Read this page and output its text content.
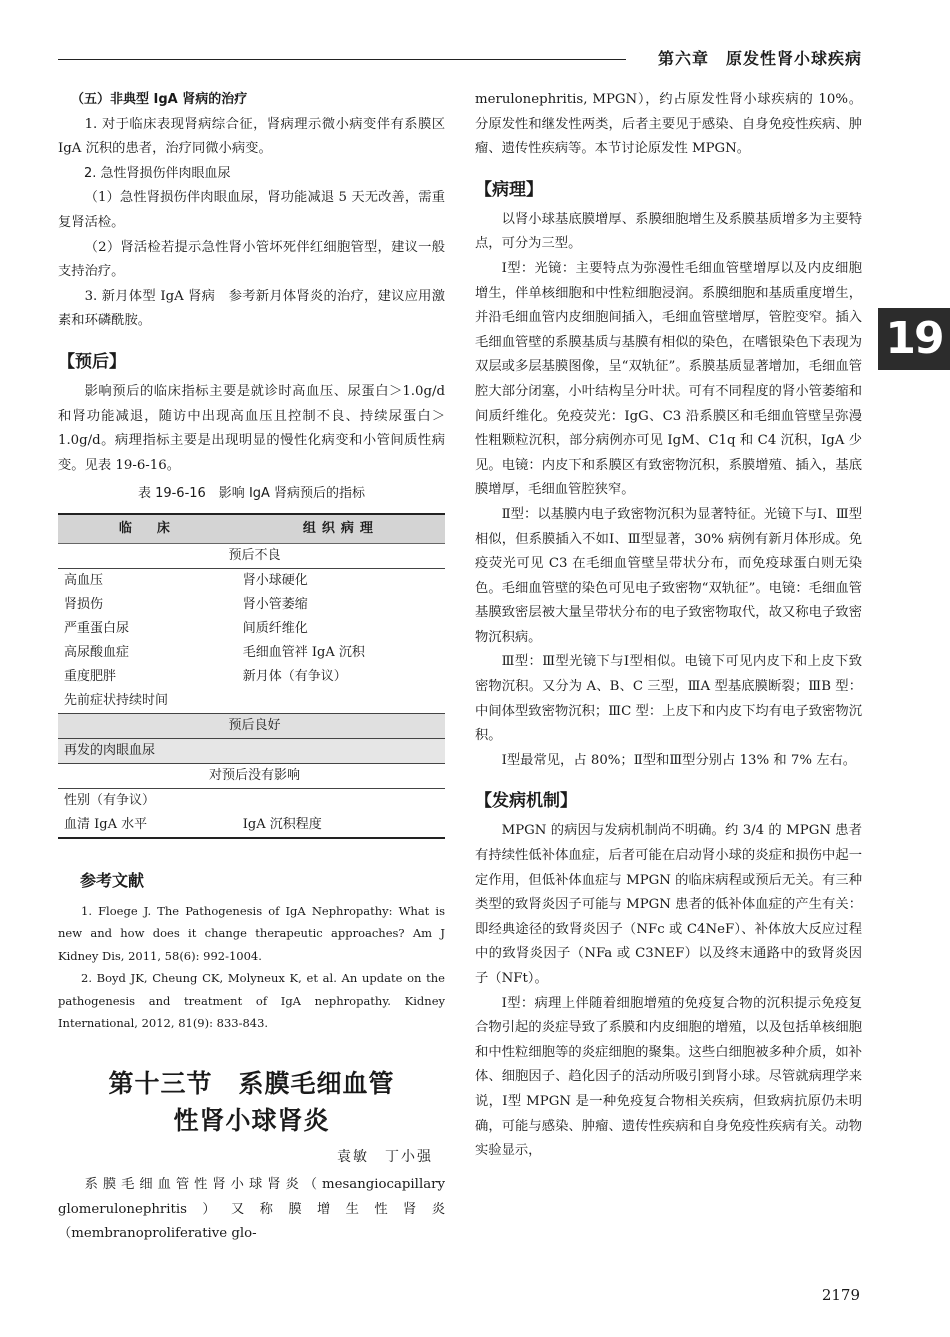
第六章　原发性肾小球疾病
19

（五）非典型 IgA 肾病的治疗

1. 对于临床表现肾病综合征，肾病理示微小病变伴有系膜区 IgA 沉积的患者，治疗同微小病变。

2. 急性肾损伤伴肉眼血尿

（1）急性肾损伤伴肉眼血尿，肾功能减退 5 天无改善，需重复肾活检。

（2）肾活检若提示急性肾小管坏死伴红细胞管型，建议一般支持治疗。

3. 新月体型 IgA 肾病　参考新月体肾炎的治疗，建议应用激素和环磷酰胺。

【预后】

影响预后的临床指标主要是就诊时高血压、尿蛋白＞1.0g/d 和肾功能减退，随访中出现高血压且控制不良、持续尿蛋白＞1.0g/d。病理指标主要是出现明显的慢性化病变和小管间质性病变。见表 19-6-16。

表 19-6-16　影响 IgA 肾病预后的指标
临　床	组织病理
预后不良	
高血压	肾小球硬化
肾损伤	肾小管萎缩
严重蛋白尿	间质纤维化
高尿酸血症	毛细血管袢 IgA 沉积
重度肥胖	新月体（有争议）
先前症状持续时间	
预后良好	
再发的肉眼血尿	
对预后没有影响	
性别（有争议）	
血清 IgA 水平	IgA 沉积程度
参考文献

1. Floege J. The Pathogenesis of IgA Nephropathy: What is new and how does it change therapeutic approaches? Am J Kidney Dis, 2011, 58(6): 992-1004.

2. Boyd JK, Cheung CK, Molyneux K, et al. An update on the pathogenesis and treatment of IgA nephropathy. Kidney International, 2012, 81(9): 833-843.

第十三节　系膜毛细血管
性肾小球肾炎
袁敏　丁小强

系膜毛细血管性肾小球肾炎（mesangiocapillary glomerulonephritis）又称膜增生性肾炎（membranoproliferative glo-

merulonephritis, MPGN），约占原发性肾小球疾病的 10%。分原发性和继发性两类，后者主要见于感染、自身免疫性疾病、肿瘤、遗传性疾病等。本节讨论原发性 MPGN。

【病理】

以肾小球基底膜增厚、系膜细胞增生及系膜基质增多为主要特点，可分为三型。

Ⅰ型：光镜：主要特点为弥漫性毛细血管壁增厚以及内皮细胞增生，伴单核细胞和中性粒细胞浸润。系膜细胞和基质重度增生，并沿毛细血管内皮细胞间插入，毛细血管壁增厚，管腔变窄。插入毛细血管壁的系膜基质与基膜有相似的染色，在嗜银染色下表现为双层或多层基膜图像，呈“双轨征”。系膜基质显著增加，毛细血管腔大部分闭塞，小叶结构呈分叶状。可有不同程度的肾小管萎缩和间质纤维化。免疫荧光：IgG、C3 沿系膜区和毛细血管壁呈弥漫性粗颗粒沉积，部分病例亦可见 IgM、C1q 和 C4 沉积，IgA 少见。电镜：内皮下和系膜区有致密物沉积，系膜增殖、插入，基底膜增厚，毛细血管腔狭窄。

Ⅱ型：以基膜内电子致密物沉积为显著特征。光镜下与Ⅰ、Ⅲ型相似，但系膜插入不如Ⅰ、Ⅲ型显著，30% 病例有新月体形成。免疫荧光可见 C3 在毛细血管壁呈带状分布，而免疫球蛋白则无染色。毛细血管壁的染色可见电子致密物“双轨征”。电镜：毛细血管基膜致密层被大量呈带状分布的电子致密物取代，故又称电子致密物沉积病。

Ⅲ型：Ⅲ型光镜下与Ⅰ型相似。电镜下可见内皮下和上皮下致密物沉积。又分为 A、B、C 三型，ⅢA 型基底膜断裂；ⅢB 型：中间体型致密物沉积；ⅢC 型：上皮下和内皮下均有电子致密物沉积。

Ⅰ型最常见，占 80%；Ⅱ型和Ⅲ型分别占 13% 和 7% 左右。

【发病机制】

MPGN 的病因与发病机制尚不明确。约 3/4 的 MPGN 患者有持续性低补体血症，后者可能在启动肾小球的炎症和损伤中起一定作用，但低补体血症与 MPGN 的临床病程或预后无关。有三种类型的致肾炎因子可能与 MPGN 患者的低补体血症的产生有关：即经典途径的致肾炎因子（NFc 或 C4NeF）、补体放大反应过程中的致肾炎因子（NFa 或 C3NEF）以及终末通路中的致肾炎因子（NFt）。

Ⅰ型：病理上伴随着细胞增殖的免疫复合物的沉积提示免疫复合物引起的炎症导致了系膜和内皮细胞的增殖，以及包括单核细胞和中性粒细胞等的炎症细胞的聚集。这些白细胞被多种介质，如补体、细胞因子、趋化因子的活动所吸引到肾小球。尽管就病理学来说，Ⅰ型 MPGN 是一种免疫复合物相关疾病，但致病抗原仍未明确，可能与感染、肿瘤、遗传性疾病和自身免疫性疾病有关。动物实验显示，

2179
